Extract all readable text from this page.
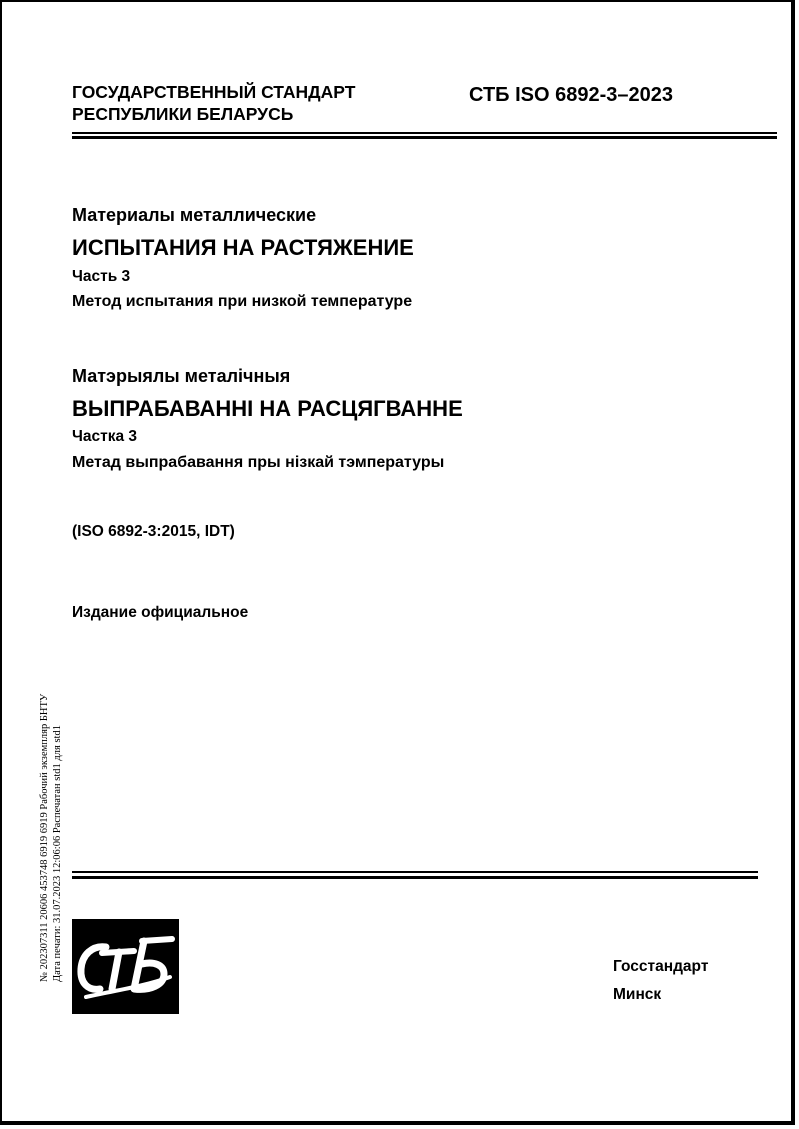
ГОСУДАРСТВЕННЫЙ СТАНДАРТ
РЕСПУБЛИКИ БЕЛАРУСЬ
СТБ ISO 6892-3–2023
Материалы металлические
ИСПЫТАНИЯ НА РАСТЯЖЕНИЕ
Часть 3
Метод испытания при низкой температуре
Матэрыялы металічныя
ВЫПРАБАВАННІ НА РАСЦЯГВАННЕ
Частка 3
Метад выпрабавання пры нізкай тэмпературы
(ISO 6892-3:2015, IDT)
Издание официальное
№ 202307311 20606 453748 6919 6919 Рабочий экземпляр БНТУ Дата печати: 31.07.2023 12:06:06 Распечатан std1 для std1	Госстандарт
Минск
